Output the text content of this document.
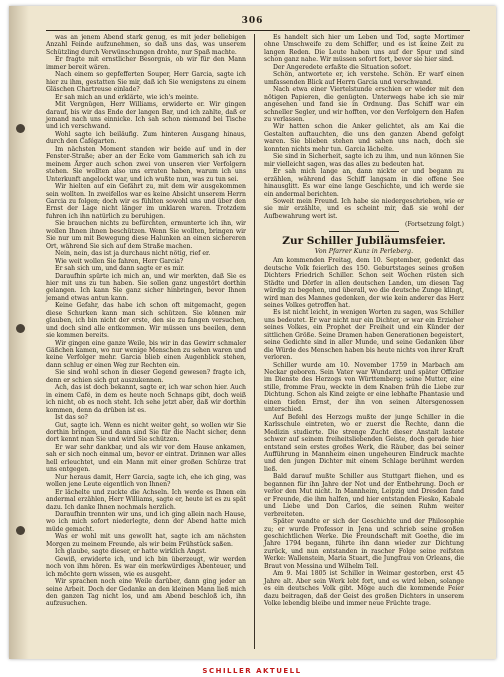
306

was an jenem Abend stark genug, es mit jeder beliebigen Anzahl Feinde aufzunehmen, so daß uns das, was unserem Schützling durch Verwünschungen drohte, nur Spaß machte.

Er fragte mit ernstlicher Besorgnis, ob wir für den Mann immer bereit wären.

Nach einem so gepfefferten Souper, Herr Garcia, sagte ich hier zu ihm, gestatten Sie mir, daß ich Sie wenigstens zu einem Gläschen Chartreuse einlade?

Er sah mich an und erklärte, wie ich's meinte.

Mit Vergnügen, Herr Williams, erwiderte er. Wir gingen darauf, bis wir das Ende der langen Bar, und ich zahlte, daß er jemand nach uns einnicke. Ich sah schon niemand bei Tische und ich verschwand.

Wohl sagte ich beiläufig. Zum hinteren Ausgang hinaus, durch den Cafégarten.

Im nächsten Moment standen wir beide auf und in der Fenster-Straße; aber an der Ecke vom Gammerich sah ich zu meinem Ärger auch schon zwei von unseren vier Verfolgern stehen. Sie wollten also uns erraten haben, warum ich uns Unterkunft angelockt war, und ich wußte nun, was zu tun sei.

Wir hielten auf ein Gefährt zu, mit dem wir ausgekommen sein wollten. In zweifellos war es keine Absicht unserem Herrn Garcia zu folgen; doch wir es fühlten sowohl uns und über den Ernst der Lage nicht länger im unklaren waren. Trotzdem fuhren ich ihn natürlich zu beruhigen.

Sie brauchen nichts zu befürchten, ermunterte ich ihn, wir wollen Ihnen ihnen beschützen. Wenn Sie wollten, bringen wir Sie nur um mit Bewegung diese Halunken an einen sichereren Ort, während Sie sich auf dem Straße machen.

Nein, nein, das ist ja durchaus nicht nötig, rief er.

Wie weit wollen Sie fahren, Herr Garcia?

Er sah sich um, und dann sagte er es mir.

Daraufhin spürte ich mich an, und wir merkten, daß Sie es hier mit uns zu tun haben. Sie sollen ganz ungestört dorthin gelangen. Ich kann Sie ganz sicher hinbringen, bevor Ihnen jemand etwas antun kann.

Keine Gefahr, das habe ich schon oft mitgemacht, gegen diese Schurken kann man sich schützen. Sie können mir glauben, ich bin nicht der erste, den sie zu fangen versuchen, und doch sind alle entkommen. Wir müssen uns beeilen, denn sie kommen bereits.

Wir gingen eine ganze Weile, bis wir in das Gewirr schmaler Gäßchen kamen, wo nur wenige Menschen zu sehen waren und keine Verfolger mehr. Garcia blieb einen Augenblick stehen, dann schlug er einen Weg zur Rechten ein.

Sie sind wohl schon in dieser Gegend gewesen? fragte ich, denn er schien sich gut auszukennen.

Ach, das ist doch bekannt, sagte er, ich war schon hier. Auch in einem Café, in dem es heute noch Schnaps gibt, doch weiß ich nicht, ob es noch steht. Ich sehe jetzt aber, daß wir dorthin kommen, denn da drüben ist es.

Ist das so?

Gut, sagte ich. Wenn es nicht weiter geht, so wollen wir Sie dorthin bringen, und dann sind Sie für die Nacht sicher, denn dort kennt man Sie und wird Sie schützen.

Er war sehr dankbar, und als wir vor dem Hause ankamen, sah er sich noch einmal um, bevor er eintrat. Drinnen war alles hell erleuchtet, und ein Mann mit einer großen Schürze trat uns entgegen.

Nur heraus damit, Herr Garcia, sagte ich, ehe ich ging, was wollen jene Leute eigentlich von Ihnen?

Er lächelte und zuckte die Achseln. Ich werde es Ihnen ein andermal erzählen, Herr Williams, sagte er, heute ist es zu spät dazu. Ich danke Ihnen nochmals herzlich.

Daraufhin trennten wir uns, und ich ging allein nach Hause, wo ich mich sofort niederlegte, denn der Abend hatte mich müde gemacht.

Was er wohl mit uns gewollt hat, sagte ich am nächsten Morgen zu meinem Freunde, als wir beim Frühstück saßen.

Ich glaube, sagte dieser, er hatte wirklich Angst.

Gewiß, erwiderte ich, und ich bin überzeugt, wir werden noch von ihm hören. Es war ein merkwürdiges Abenteuer, und ich möchte gern wissen, wie es ausgeht.

Wir sprachen noch eine Weile darüber, dann ging jeder an seine Arbeit. Doch der Gedanke an den kleinen Mann ließ mich den ganzen Tag nicht los, und am Abend beschloß ich, ihn aufzusuchen.

Es handelt sich hier um Leben und Tod, sagte Mortimer ohne Umschweife zu dem Schiffer, und es ist keine Zeit zu langen Reden. Die Leute haben uns auf der Spur und sind schon ganz nahe. Wir müssen sofort fort, bevor sie hier sind.

Der Angeredete erfaßte die Situation sofort.

Schön, antwortete er, ich verstehe. Schön. Er warf einen umfassenden Blick auf Herrn Garcia und verschwand.

Nach etwa einer Viertelstunde erschien er wieder mit den nötigen Papieren, die genügten. Unterwegs habe ich sie mir angesehen und fand sie in Ordnung. Das Schiff war ein schneller Segler, und wir hofften, vor den Verfolgern den Hafen zu verlassen.

Wir hatten schon die Anker gelichtet, als am Kai die Gestalten auftauchten, die uns den ganzen Abend gefolgt waren. Sie blieben stehen und sahen uns nach, doch sie konnten nichts mehr tun. Garcia lächelte.

Sie sind in Sicherheit, sagte ich zu ihm, und nun können Sie mir vielleicht sagen, was das alles zu bedeuten hat.

Er sah mich lange an, dann nickte er und begann zu erzählen, während das Schiff langsam in die offene See hinausglitt. Es war eine lange Geschichte, und ich werde sie ein andermal berichten.

Soweit mein Freund. Ich habe sie niedergeschrieben, wie er sie mir erzählte, und es scheint mir, daß sie wohl der Aufbewahrung wert ist.

(Fortsetzung folgt.)
Zur Schiller Jubiläumsfeier.
Von Pfarrer Kunz in Perleberg.

Am kommenden Freitag, dem 10. September, gedenkt das deutsche Volk feierlich des 150. Geburtstages seines großen Dichters Friedrich Schiller. Schon seit Wochen rüsten sich Städte und Dörfer in allen deutschen Landen, um diesen Tag würdig zu begehen, und überall, wo die deutsche Zunge klingt, wird man des Mannes gedenken, der wie kein anderer das Herz seines Volkes getroffen hat.

Es ist nicht leicht, in wenigen Worten zu sagen, was Schiller uns bedeutet. Er war nicht nur ein Dichter, er war ein Erzieher seines Volkes, ein Prophet der Freiheit und ein Künder der sittlichen Größe. Seine Dramen haben Generationen begeistert, seine Gedichte sind in aller Munde, und seine Gedanken über die Würde des Menschen haben bis heute nichts von ihrer Kraft verloren.

Schiller wurde am 10. November 1759 in Marbach am Neckar geboren. Sein Vater war Wundarzt und später Offizier im Dienste des Herzogs von Württemberg; seine Mutter, eine stille, fromme Frau, weckte in dem Knaben früh die Liebe zur Dichtung. Schon als Kind zeigte er eine lebhafte Phantasie und einen tiefen Ernst, der ihn von seinen Altersgenossen unterschied.

Auf Befehl des Herzogs mußte der junge Schiller in die Karlsschule eintreten, wo er zuerst die Rechte, dann die Medizin studierte. Die strenge Zucht dieser Anstalt lastete schwer auf seinem freiheitsliebenden Geiste, doch gerade hier entstand sein erstes großes Werk, die Räuber, das bei seiner Aufführung in Mannheim einen ungeheuren Eindruck machte und den jungen Dichter mit einem Schlage berühmt werden ließ.

Bald darauf mußte Schiller aus Stuttgart fliehen, und es begannen für ihn Jahre der Not und der Entbehrung. Doch er verlor den Mut nicht. In Mannheim, Leipzig und Dresden fand er Freunde, die ihm halfen, und hier entstanden Fiesko, Kabale und Liebe und Don Carlos, die seinen Ruhm weiter verbreiteten.

Später wandte er sich der Geschichte und der Philosophie zu; er wurde Professor in Jena und schrieb seine großen geschichtlichen Werke. Die Freundschaft mit Goethe, die im Jahre 1794 begann, führte ihn dann wieder zur Dichtung zurück, und nun entstanden in rascher Folge seine reifsten Werke: Wallenstein, Maria Stuart, die Jungfrau von Orleans, die Braut von Messina und Wilhelm Tell.

Am 9. Mai 1805 ist Schiller in Weimar gestorben, erst 45 Jahre alt. Aber sein Werk lebt fort, und es wird leben, solange es ein deutsches Volk gibt. Möge auch die kommende Feier dazu beitragen, daß der Geist des großen Dichters in unserem Volke lebendig bleibe und immer neue Früchte trage.

SCHILLER AKTUELL
